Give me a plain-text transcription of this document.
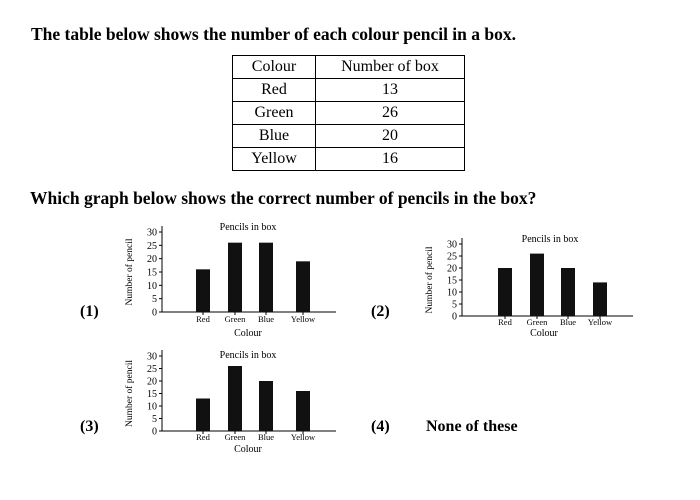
The table below shows the number of each colour pencil in a box.
Colour	Number of box
Red	13
Green	26
Blue	20
Yellow	16
Which graph below shows the correct number of pencils in the box?
(1)	(2)
(3)	(4) None of these
0
5
10
15
20
25
30
Red Green Blue Yellow
Pencils in box
Colour
Number of pencil
0
5
10
15
20
25
30
Red Green Blue Yellow
Pencils in box
Colour
Number of pencil
0
5
10
15
20
25
30
Red Green Blue Yellow
Pencils in box
Colour
Number of pencil
